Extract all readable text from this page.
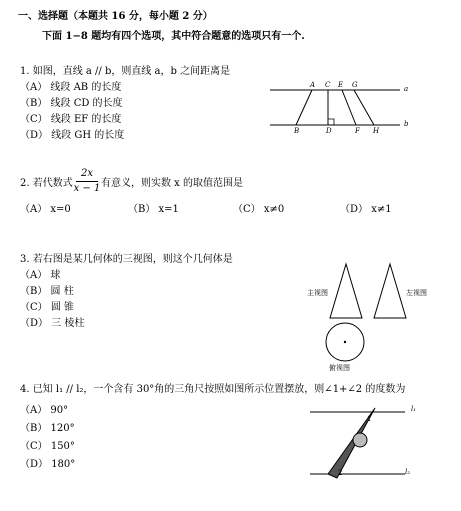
一、选择题（本题共 16 分，每小题 2 分）
下面 1−8 题均有四个选项，其中符合题意的选项只有一个.
1. 如图，直线 a // b，则直线 a，b 之间距离是
（A） 线段 AB 的长度
（B） 线段 CD 的长度
（C） 线段 EF 的长度
（D） 线段 GH 的长度
A C E G
B	D	F H
a
b
2. 若代数式
2x
x − 1 有意义，则实数 x 的取值范围是
（A） x=0	（B） x=1	（C） x≠0	（D） x≠1
3. 若右图是某几何体的三视图，则这个几何体是
（A） 球
（B） 圆 柱
（C） 圆 锥
（D） 三 棱柱
主视图	左视图
俯视图
4. 已知 l₁ // l₂，一个含有 30°角的三角尺按照如图所示位置摆放，则∠1+∠2 的度数为
（A） 90°
（B） 120°
（C） 150°
（D） 180°
l₁
l₂
1
2
